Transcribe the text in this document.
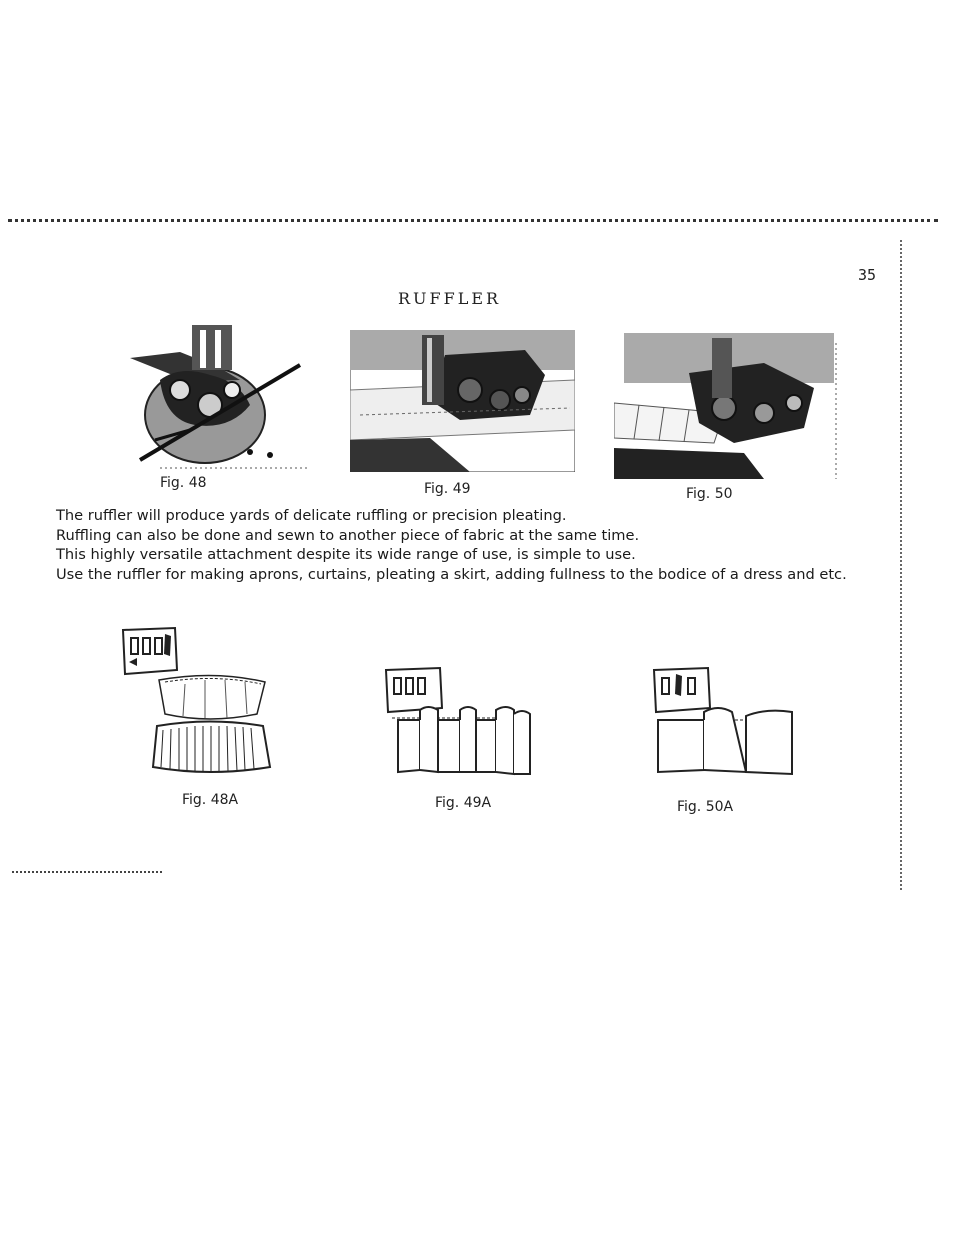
35
RUFFLER
Fig. 48	Fig. 49	Fig. 50

The ruffler will produce yards of delicate ruffling or precision pleating.

Ruffling can also be done and sewn to another piece of fabric at the same time.

This highly versatile attachment despite its wide range of use, is simple to use.

Use the ruffler for making aprons, curtains, pleating a skirt, adding fullness to the bodice of a dress and etc.

Fig. 48A	Fig. 49A	Fig. 50A
